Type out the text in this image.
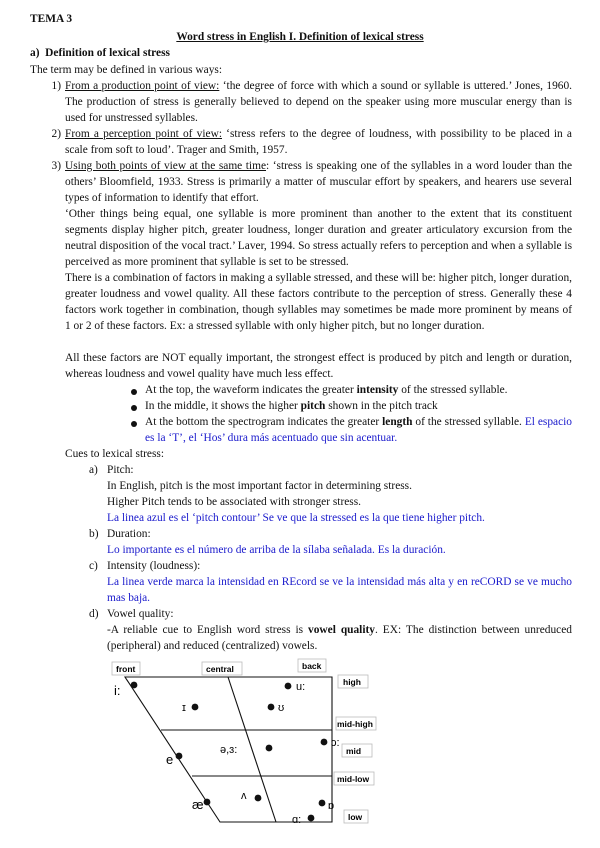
TEMA 3
Word stress in English I. Definition of lexical stress
a)  Definition of lexical stress
The term may be defined in various ways:
1) From a production point of view: ‘the degree of force with which a sound or syllable is uttered.’ Jones, 1960. The production of stress is generally believed to depend on the speaker using more muscular energy than is used for unstressed syllables.
2) From a perception point of view: ‘stress refers to the degree of loudness, with possibility to be placed in a scale from soft to loud’. Trager and Smith, 1957.
3) Using both points of view at the same time: ‘stress is speaking one of the syllables in a word louder than the others’ Bloomfield, 1933. Stress is primarily a matter of muscular effort by speakers, and hearers use several types of information to identify that effort.
‘Other things being equal, one syllable is more prominent than another to the extent that its constituent segments display higher pitch, greater loudness, longer duration and greater articulatory excursion from the neutral disposition of the vocal tract.’ Laver, 1994. So stress actually refers to perception and when a syllable is perceived as more prominent that syllable is set to be stressed.
There is a combination of factors in making a syllable stressed, and these will be: higher pitch, longer duration, greater loudness and vowel quality. All these factors contribute to the perception of stress. Generally these 4 factors work together in combination, though syllables may sometimes be made more prominent by means of 1 or 2 of these factors. Ex: a stressed syllable with only higher pitch, but no longer duration.
All these factors are NOT equally important, the strongest effect is produced by pitch and length or duration, whereas loudness and vowel quality have much less effect.
At the top, the waveform indicates the greater intensity of the stressed syllable.
In the middle, it shows the higher pitch shown in the pitch track
At the bottom the spectrogram indicates the greater length of the stressed syllable. El espacio es la ‘T’, el ‘Hos’ dura más acentuado que sin acentuar.
Cues to lexical stress:
a) Pitch:
In English, pitch is the most important factor in determining stress.
Higher Pitch tends to be associated with stronger stress.
La linea azul es el ‘pitch contour’ Se ve que la stressed es la que tiene higher pitch.
b) Duration:
Lo importante es el número de arriba de la sílaba señalada. Es la duración.
c) Intensity (loudness):
La linea verde marca la intensidad en REcord se ve la intensidad más alta y en reCORD se ve mucho mas baja.
d) Vowel quality:
-A reliable cue to English word stress is vowel quality. EX: The distinction between unreduced (peripheral) and reduced (centralized) vowels.
front	central	back
high
mid-high
mid
mid-low
low
i:	u:
ɪ	ʊ
ə,ɜ:
ɔ:
e
ʌ
æ	ɒ
ɑ:
